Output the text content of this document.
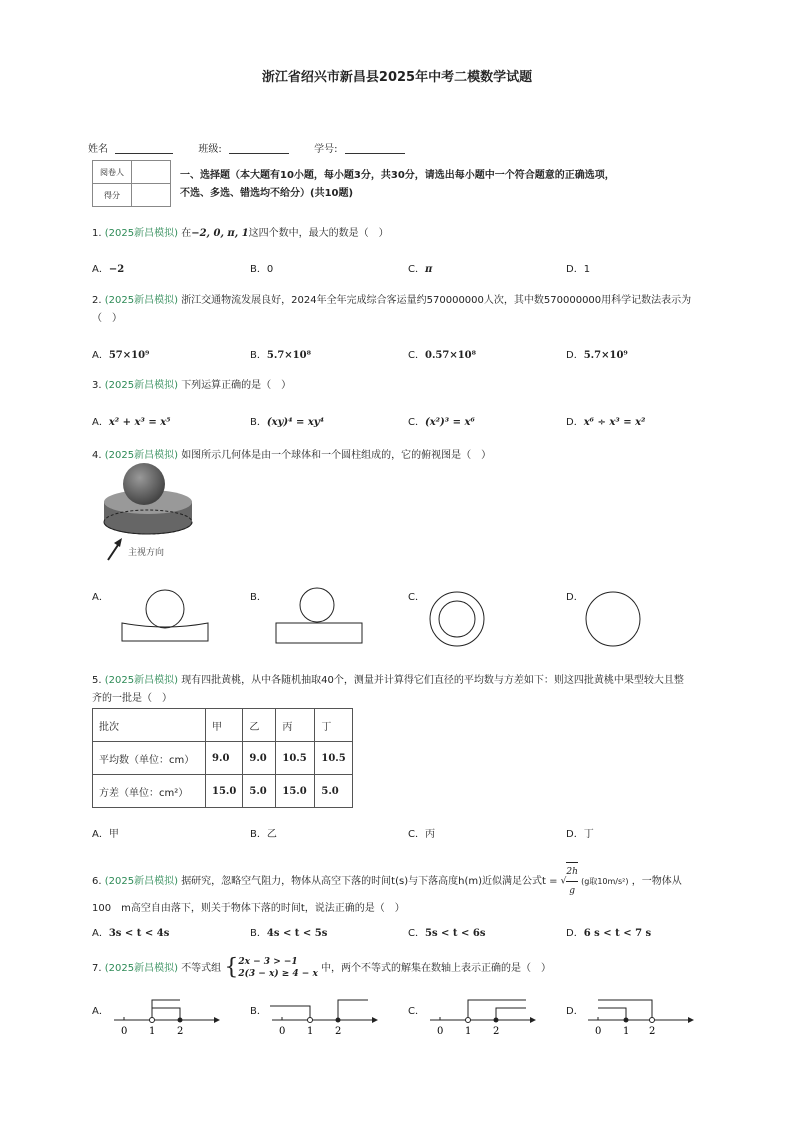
浙江省绍兴市新昌县2025年中考二模数学试题
姓名	班级:	学号:
阅卷人	
得分	
一、选择题（本大题有10小题，每小题3分，共30分，请选出每小题中一个符合题意的正确选项，不选、多选、错选均不给分）(共10题)
1. (2025新昌模拟) 在−2, 0, π, 1这四个数中，最大的数是（　）
A．−2	B．0	C．π	D．1
2. (2025新昌模拟) 浙江交通物流发展良好，2024年全年完成综合客运量约570000000人次，其中数570000000用科学记数法表示为（　）
A．57×10⁹	B．5.7×10⁸	C．0.57×10⁸	D．5.7×10⁹
3. (2025新昌模拟) 下列运算正确的是（　）
A．x² + x³ = x⁵	B．(xy)⁴ = xy⁴	C．(x²)³ = x⁶	D．x⁶ ÷ x³ = x²
4. (2025新昌模拟) 如图所示几何体是由一个球体和一个圆柱组成的，它的俯视图是（　）
主视方向
A．	B．	C．	D．
5. (2025新昌模拟) 现有四批黄桃，从中各随机抽取40个，测量并计算得它们直径的平均数与方差如下：则这四批黄桃中果型较大且整齐的一批是（　）
批次	甲	乙	丙	丁
平均数（单位：cm）	9.0	9.0	10.5	10.5
方差（单位：cm²）	15.0	5.0	15.0	5.0
A．甲	B．乙	C．丙	D．丁
6. (2025新昌模拟) 据研究，忽略空气阻力，物体从高空下落的时间t(s)与下落高度h(m)近似满足公式t = √ $\frac{2h}{g} (g$取10m/s²) ，一物体从100　m高空自由落下，则关于物体下落的时间t，说法正确的是（　）
A．3s < t < 4s	B．4s < t < 5s	C．5s < t < 6s	D．6 s < t < 7 s
7. (2025新昌模拟) 不等式组 { 2x − 3 > −1
2(3 − x) ≥ 4 − x 中，两个不等式的解集在数轴上表示正确的是（　）
A．	B．	C．	D．
0 1 2	0 1 2	0 1 2	0 1 2
